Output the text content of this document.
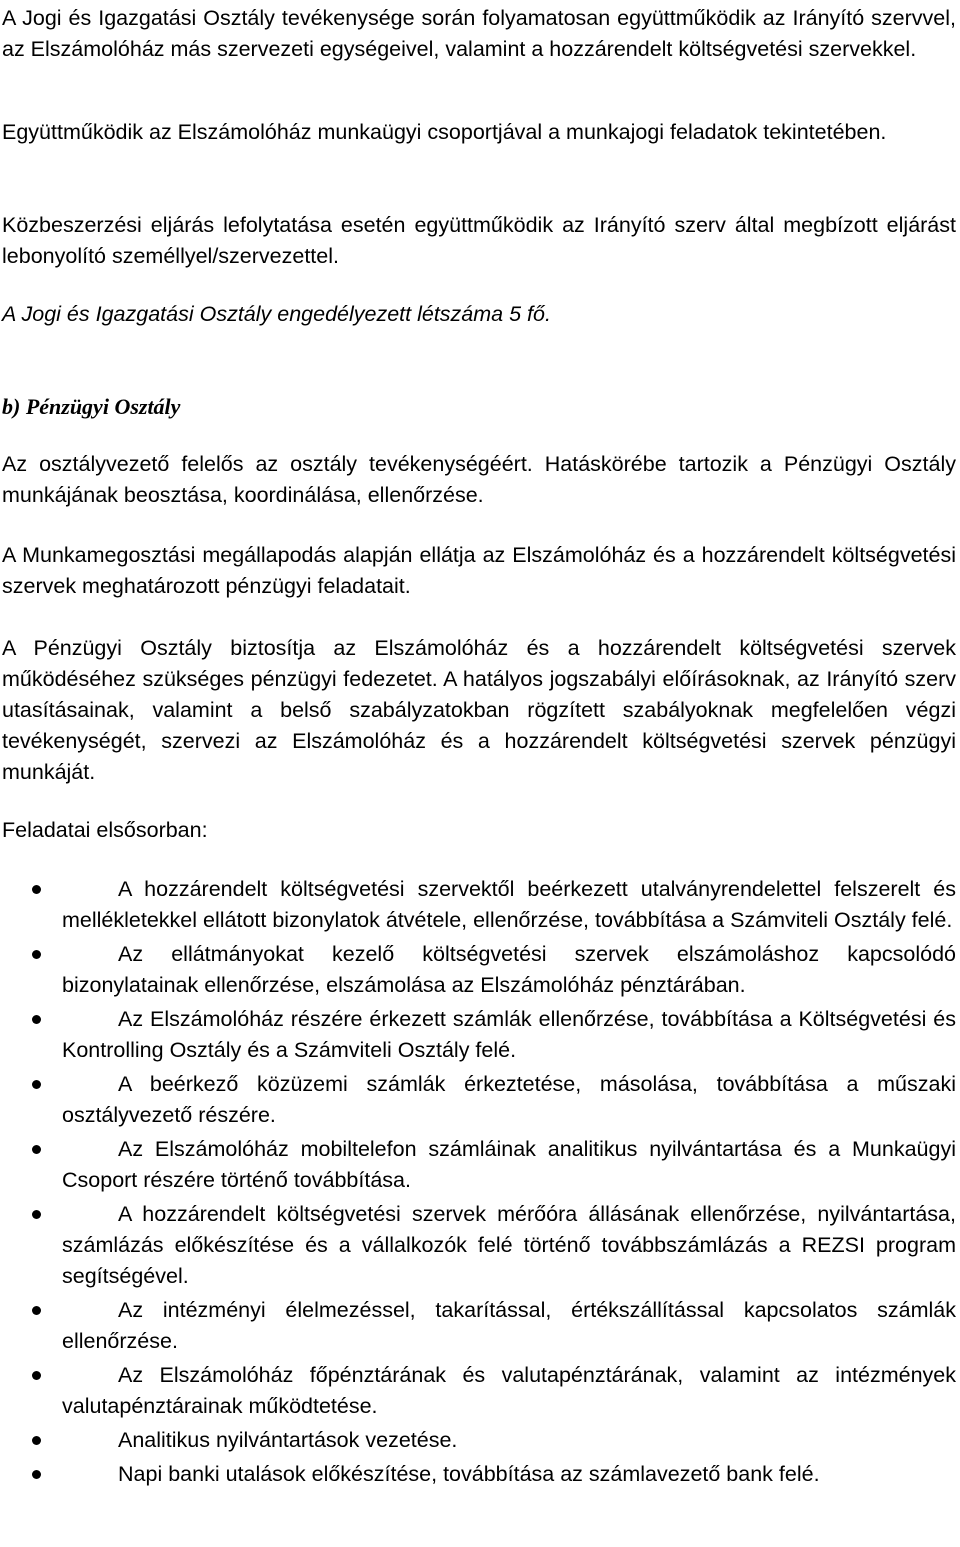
A Jogi és Igazgatási Osztály tevékenysége során folyamatosan együttműködik az Irányító szervvel, az Elszámolóház más szervezeti egységeivel, valamint a hozzárendelt költségvetési szervekkel.

Együttműködik az Elszámolóház munkaügyi csoportjával a munkajogi feladatok tekintetében.

Közbeszerzési eljárás lefolytatása esetén együttműködik az Irányító szerv által megbízott eljárást lebonyolító személlyel/szervezettel.

A Jogi és Igazgatási Osztály engedélyezett létszáma 5 fő.

b) Pénzügyi Osztály

Az osztályvezető felelős az osztály tevékenységéért. Hatáskörébe tartozik a Pénzügyi Osztály munkájának beosztása, koordinálása, ellenőrzése.

A Munkamegosztási megállapodás alapján ellátja az Elszámolóház és a hozzárendelt költségvetési szervek meghatározott pénzügyi feladatait.

A Pénzügyi Osztály biztosítja az Elszámolóház és a hozzárendelt költségvetési szervek működéséhez szükséges pénzügyi fedezetet. A hatályos jogszabályi előírásoknak, az Irányító szerv utasításainak, valamint a belső szabályzatokban rögzített szabályoknak megfelelően végzi tevékenységét, szervezi az Elszámolóház és a hozzárendelt költségvetési szervek pénzügyi munkáját.

Feladatai elsősorban:

A hozzárendelt költségvetési szervektől beérkezett utalványrendelettel felszerelt és mellékletekkel ellátott bizonylatok átvétele, ellenőrzése, továbbítása a Számviteli Osztály felé.
Az ellátmányokat kezelő költségvetési szervek elszámoláshoz kapcsolódó bizonylatainak ellenőrzése, elszámolása az Elszámolóház pénztárában.
Az Elszámolóház részére érkezett számlák ellenőrzése, továbbítása a Költségvetési és Kontrolling Osztály és a Számviteli Osztály felé.
A beérkező közüzemi számlák érkeztetése, másolása, továbbítása a műszaki osztályvezető részére.
Az Elszámolóház mobiltelefon számláinak analitikus nyilvántartása és a Munkaügyi Csoport részére történő továbbítása.
A hozzárendelt költségvetési szervek mérőóra állásának ellenőrzése, nyilvántartása, számlázás előkészítése és a vállalkozók felé történő továbbszámlázás a REZSI program segítségével.
Az intézményi élelmezéssel, takarítással, értékszállítással kapcsolatos számlák ellenőrzése.
Az Elszámolóház főpénztárának és valutapénztárának, valamint az intézmények valutapénztárainak működtetése.
Analitikus nyilvántartások vezetése.
Napi banki utalások előkészítése, továbbítása az számlavezető bank felé.
